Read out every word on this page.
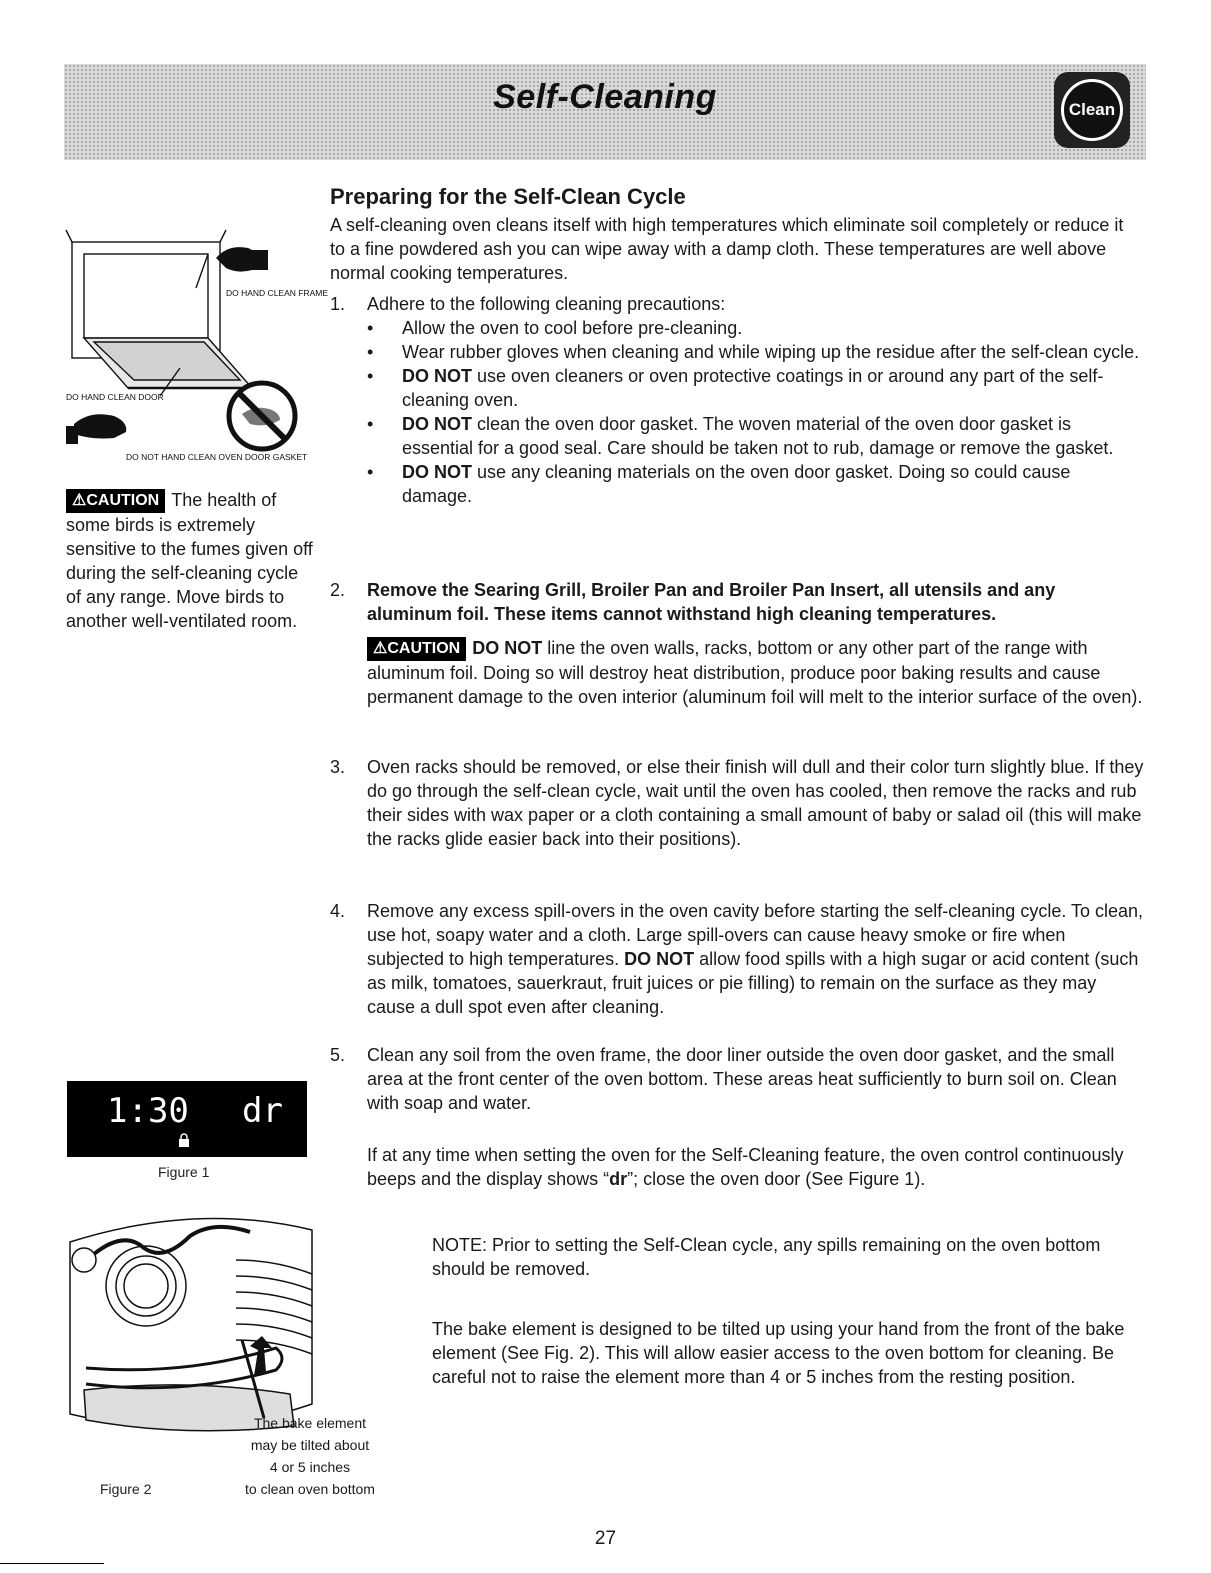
Self-Cleaning	Clean
Preparing for the Self-Clean Cycle
A self-cleaning oven cleans itself with high temperatures which eliminate soil completely or reduce it to a fine powdered ash you can wipe away with a damp cloth. These temperatures are well above normal cooking temperatures.
DO HAND CLEAN FRAME
DO HAND CLEAN DOOR
DO NOT HAND CLEAN OVEN DOOR GASKET
⚠CAUTION The health of some birds is extremely sensitive to the fumes given off during the self-cleaning cycle of any range. Move birds to another well-ventilated room.
1. Adhere to the following cleaning precautions:
• Allow the oven to cool before pre-cleaning.
• Wear rubber gloves when cleaning and while wiping up the residue after the self-clean cycle.
• DO NOT use oven cleaners or oven protective coatings in or around any part of the self-cleaning oven.
• DO NOT clean the oven door gasket. The woven material of the oven door gasket is essential for a good seal. Care should be taken not to rub, damage or remove the gasket.
• DO NOT use any cleaning materials on the oven door gasket. Doing so could cause damage.
2. Remove the Searing Grill, Broiler Pan and Broiler Pan Insert, all utensils and any aluminum foil. These items cannot withstand high cleaning temperatures.
⚠CAUTION DO NOT line the oven walls, racks, bottom or any other part of the range with aluminum foil. Doing so will destroy heat distribution, produce poor baking results and cause permanent damage to the oven interior (aluminum foil will melt to the interior surface of the oven).
3. Oven racks should be removed, or else their finish will dull and their color turn slightly blue. If they do go through the self-clean cycle, wait until the oven has cooled, then remove the racks and rub their sides with wax paper or a cloth containing a small amount of baby or salad oil (this will make the racks glide easier back into their positions).
4. Remove any excess spill-overs in the oven cavity before starting the self-cleaning cycle. To clean, use hot, soapy water and a cloth. Large spill-overs can cause heavy smoke or fire when subjected to high temperatures. DO NOT allow food spills with a high sugar or acid content (such as milk, tomatoes, sauerkraut, fruit juices or pie filling) to remain on the surface as they may cause a dull spot even after cleaning.
5. Clean any soil from the oven frame, the door liner outside the oven door gasket, and the small area at the front center of the oven bottom. These areas heat sufficiently to burn soil on. Clean with soap and water.
If at any time when setting the oven for the Self-Cleaning feature, the oven control continuously beeps and the display shows “dr”; close the oven door (See Figure 1).
1:30 dr
Figure 1
The bake element
may be tilted about
4 or 5 inches
to clean oven bottom
Figure 2
NOTE: Prior to setting the Self-Clean cycle, any spills remaining on the oven bottom should be removed.
The bake element is designed to be tilted up using your hand from the front of the bake element (See Fig. 2). This will allow easier access to the oven bottom for cleaning. Be careful not to raise the element more than 4 or 5 inches from the resting position.
27
